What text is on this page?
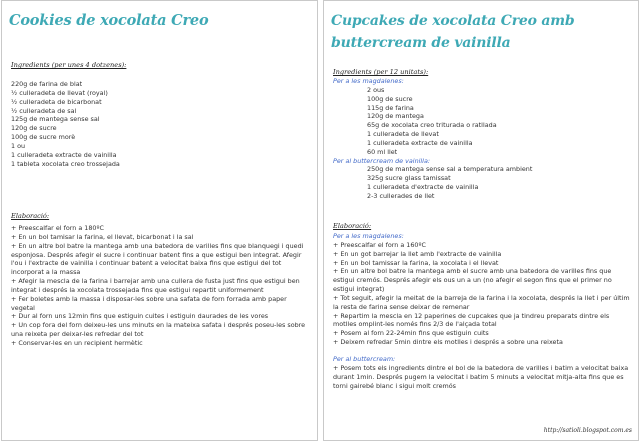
Cookies de xocolata Creo
Ingredients (per unes 4 dotzenes):
220g de farina de blat
½ culleradeta de llevat (royal)
½ culleradeta de bicarbonat
½ culleradeta de sal
125g de mantega sense sal
120g de sucre
100g de sucre morè
1 ou
1 culleradeta extracte de vainilla
1 tableta xocolata creo trossejada
Elaboració:
+ Preescalfar el forn a 180ºC
+ En un bol tamisar la farina, el llevat, bicarbonat i la sal
+ En un altre bol batre la mantega amb una batedora de varilles fins que blanquegi i quedi esponjosa. Després afegir el sucre i continuar batent fins a que estigui ben integrat. Afegir l'ou i l'extracte de vainilla i continuar batent a velocitat baixa fins que estigui del tot incorporat a la massa
+ Afegir la mescla de la farina i barrejar amb una cullera de fusta just fins que estigui ben integrat i després la xocolata trossejada fins que estigui repartit uniformement
+ Fer boletes amb la massa i disposar-les sobre una safata de forn forrada amb paper vegetal
+ Dur al forn uns 12min fins que estiguin cuites i estiguin daurades de les vores
+ Un cop fora del forn deixeu-les uns minuts en la mateixa safata i després poseu-les sobre una reixeta per deixar-les refredar del tot
+ Conservar-les en un recipient hermètic
Cupcakes de xocolata Creo amb buttercream de vainilla
Ingredients (per 12 unitats):
Per a les magdalenes:
2 ous
100g de sucre
115g de farina
120g de mantega
65g de xocolata creo triturada o ratllada
1 culleradeta de llevat
1 culleradeta extracte de vainilla
60 ml llet
Per al buttercream de vainilla:
250g de mantega sense sal a temperatura ambient
325g sucre glass tamissat
1 culleradeta d'extracte de vainilla
2-3 cullerades de llet
Elaboració:
Per a les magdalenes:
+ Preescalfar el forn a 160ºC
+ En un got barrejar la llet amb l'extracte de vainilla
+ En un bol tamissar la farina, la xocolata i el llevat
+ En un altre bol batre la mantega amb el sucre amb una batedora de varilles fins que estigui cremós. Després afegir els ous un a un (no afegir el segon fins que el primer no estigui integrat)
+ Tot seguit, afegir la meitat de la barreja de la farina i la xocolata, després la llet i per últim la resta de farina sense deixar de remenar
+ Repartim la mescla en 12 paperines de cupcakes que ja tindreu preparats dintre els motlles omplint-les només fins 2/3 de l'alçada total
+ Posem al forn 22-24min fins que estiguin cuits
+ Deixem refredar 5min dintre els motlles i després a sobre una reixeta
Per al buttercream:
+ Posem tots els ingredients dintre el bol de la batedora de varilles i batim a velocitat baixa durant 1min. Després pugem la velocitat i batim 5 minuts a velocitat mitja-alta fins que es torni gairebé blanc i sigui molt cremós
http://satioli.blogspot.com.es
